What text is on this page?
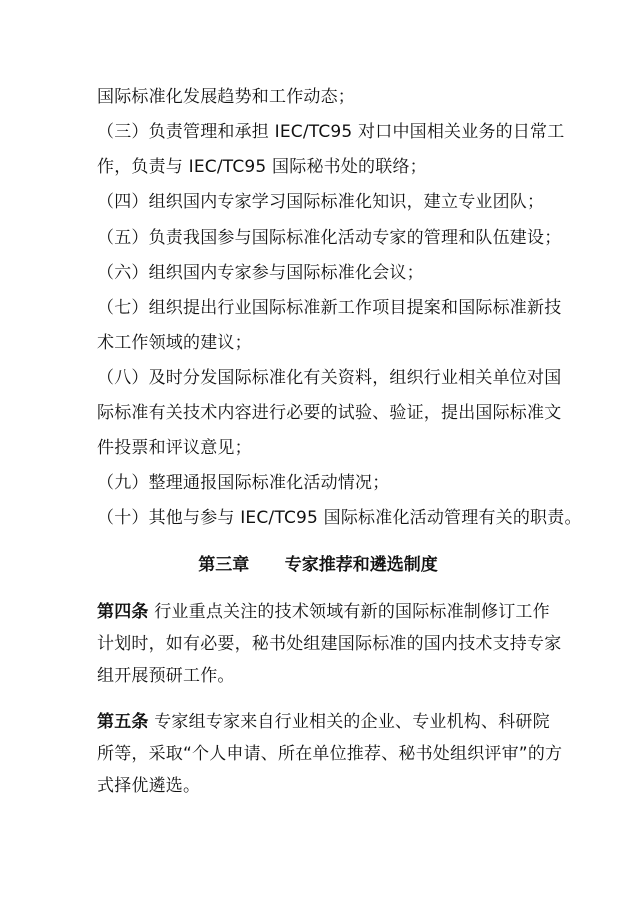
国际标准化发展趋势和工作动态；
（三）负责管理和承担 IEC/TC95 对口中国相关业务的日常工
作，负责与 IEC/TC95 国际秘书处的联络；
（四）组织国内专家学习国际标准化知识，建立专业团队；
（五）负责我国参与国际标准化活动专家的管理和队伍建设；
（六）组织国内专家参与国际标准化会议；
（七）组织提出行业国际标准新工作项目提案和国际标准新技
术工作领域的建议；
（八）及时分发国际标准化有关资料，组织行业相关单位对国
际标准有关技术内容进行必要的试验、验证，提出国际标准文
件投票和评议意见；
（九）整理通报国际标准化活动情况；
（十）其他与参与 IEC/TC95 国际标准化活动管理有关的职责。
第三章      专家推荐和遴选制度
第四条 行业重点关注的技术领域有新的国际标准制修订工作
计划时，如有必要，秘书处组建国际标准的国内技术支持专家
组开展预研工作。
第五条 专家组专家来自行业相关的企业、专业机构、科研院
所等，采取“个人申请、所在单位推荐、秘书处组织评审”的方
式择优遴选。
